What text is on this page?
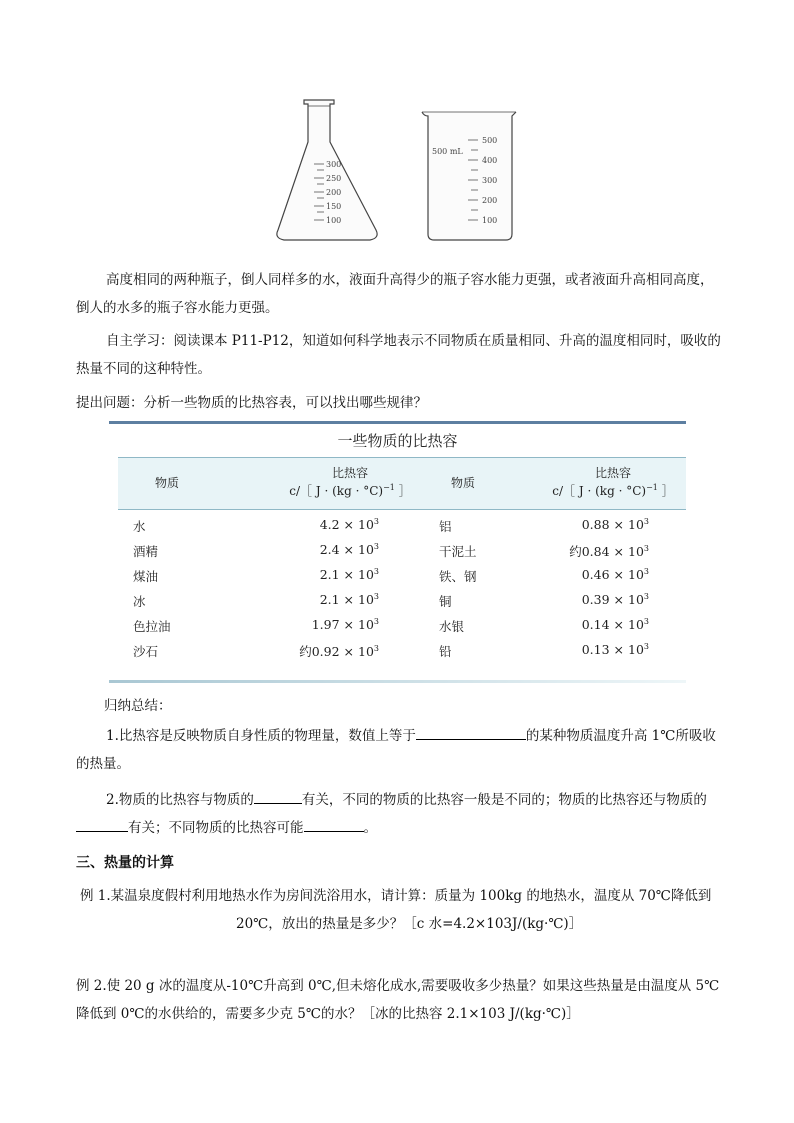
300
250
200
150
100
500 mL
500
400
300
200
100
高度相同的两种瓶子，倒人同样多的水，液面升高得少的瓶子容水能力更强，或者液面升高相同高度，倒人的水多的瓶子容水能力更强。
自主学习：阅读课本 P11-P12，知道如何科学地表示不同物质在质量相同、升高的温度相同时，吸收的热量不同的这种特性。
提出问题：分析一些物质的比热容表，可以找出哪些规律？
一些物质的比热容
物质
比热容
c/［ J · (kg · °C)$^{-1}$ ］
物质
比热容
c/［ J · (kg · °C)$^{-1}$ ］
水	$4.2 \times 10^3$	铝	$0.88 \times 10^3$
酒精	$2.4 \times 10^3$	干泥土	约$0.84 \times 10^3$
煤油	$2.1 \times 10^3$	铁、钢	$0.46 \times 10^3$
冰	$2.1 \times 10^3$	铜	$0.39 \times 10^3$
色拉油	$1.97 \times 10^3$	水银	$0.14 \times 10^3$
沙石	约$0.92 \times 10^3$	铅	$0.13 \times 10^3$
归纳总结：
1.比热容是反映物质自身性质的物理量，数值上等于	的某种物质温度升高 1℃所吸收的热量。
2.物质的比热容与物质的	有关，不同的物质的比热容一般是不同的；物质的比热容还与物质的有关；不同物质的比热容可能	。
三、热量的计算
例 1.某温泉度假村利用地热水作为房间洗浴用水，请计算：质量为 100kg 的地热水，温度从 70℃降低到
20℃，放出的热量是多少？［c 水=4.2×103J/(kg·℃)］
例 2.使 20 g 冰的温度从-10℃升高到 0℃,但未熔化成水,需要吸收多少热量？如果这些热量是由温度从 5℃降低到 0℃的水供给的，需要多少克 5℃的水？［冰的比热容 2.1×103 J/(kg·℃)］
